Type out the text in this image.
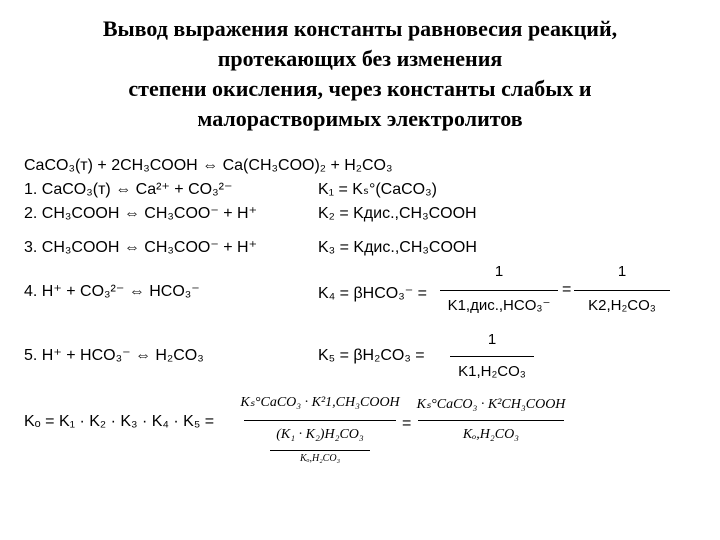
Вывод выражения константы равновесия реакций,
протекающих без изменения
степени окисления, через константы слабых и
малорастворимых электролитов
CaCO₃(т) + 2CH₃COOH ⇔ Ca(CH₃COO)₂ + H₂CO₃
1. CaCO₃(т) ⇔ Ca²⁺ + CO₃²⁻
2. CH₃COOH ⇔ CH₃COO⁻ + H⁺
3. CH₃COOH ⇔ CH₃COO⁻ + H⁺
4. H⁺ + CO₃²⁻ ⇔ HCO₃⁻
5. H⁺ + HCO₃⁻ ⇔ H₂CO₃
K₁ = Kₛ°(CaCO₃)
K₂ = Kдис.,CH₃COOH
K₃ = Kдис.,CH₃COOH
K₄ = βHCO₃⁻ =
1
K1,дис.,HCO₃⁻
=
1
K2,H₂CO₃
K₅ = βH₂CO₃ =
1
K1,H₂CO₃
Kₒ = K₁ · K₂ · K₃ · K₄ · K₅ =
Kₛ°CaCO₃ · K²1,CH₃COOH
(K₁ · K₂)H₂CO₃
Kₒ,H₂CO₃
=
Kₛ°CaCO₃ · K²CH₃COOH
Kₒ,H₂CO₃
